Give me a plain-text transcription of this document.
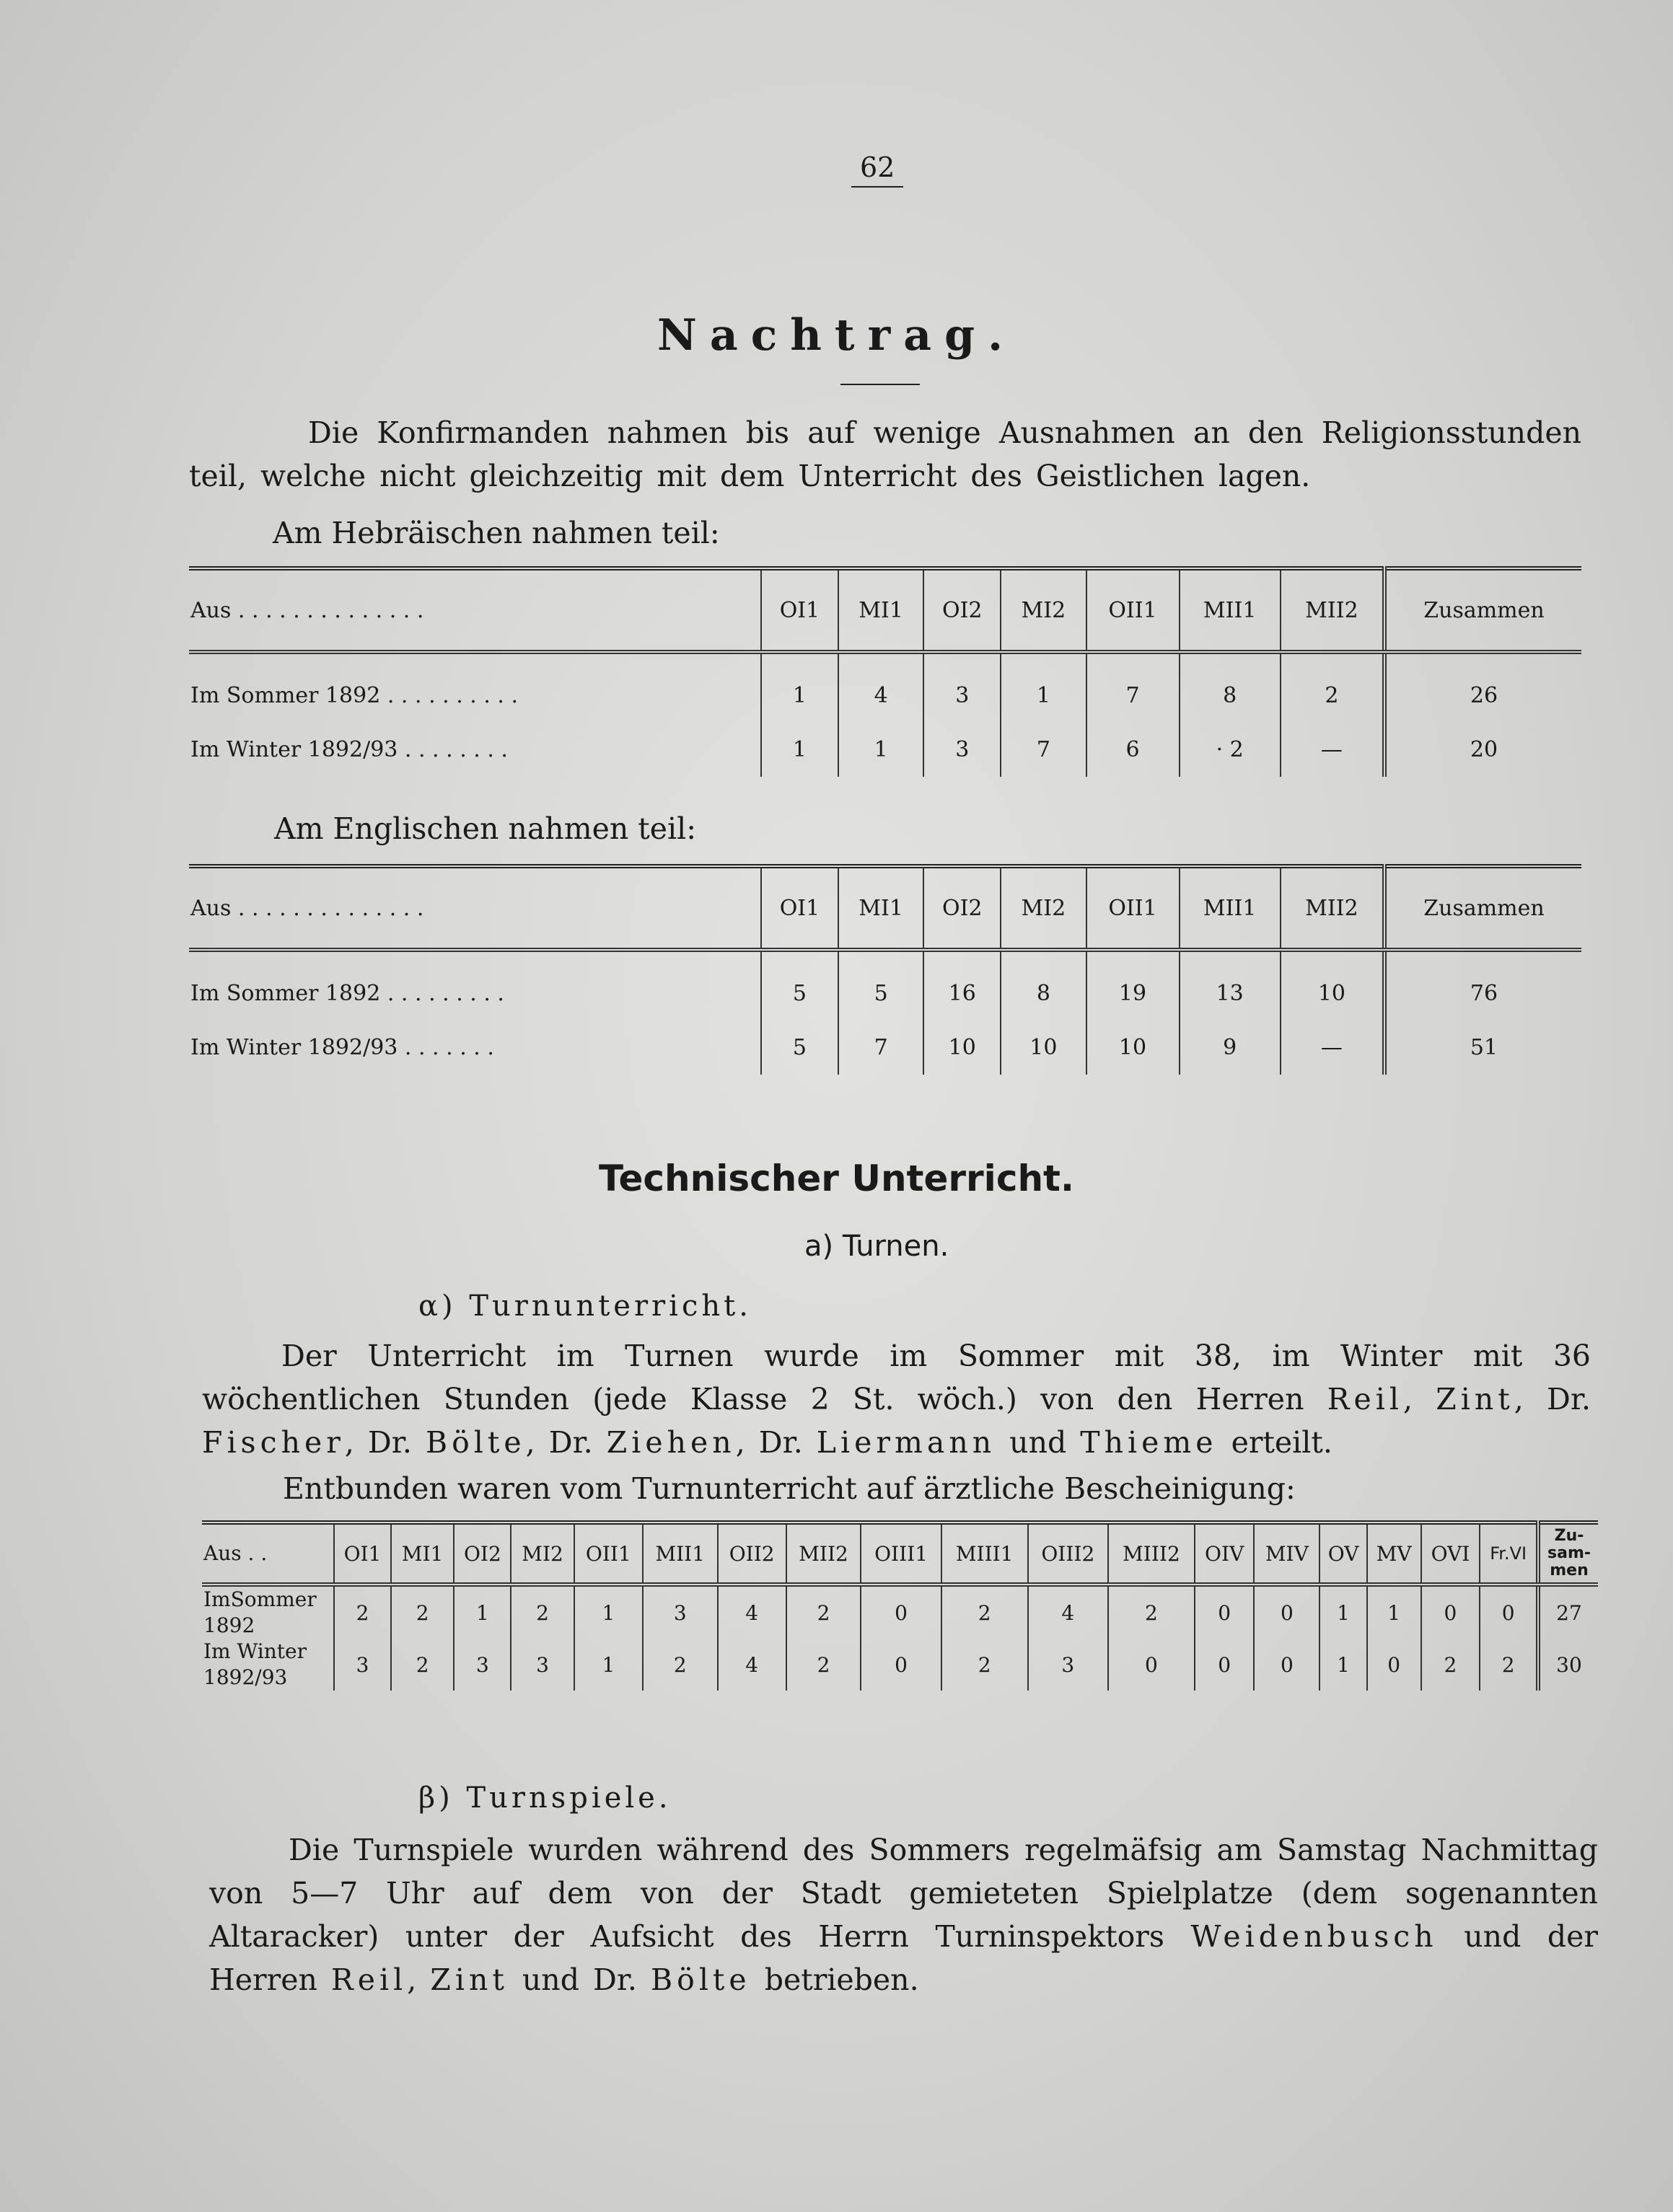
62
Nachtrag.
Die Konfirmanden nahmen bis auf wenige Ausnahmen an den Religionsstunden teil, welche nicht gleichzeitig mit dem Unterricht des Geistlichen lagen.
Am Hebräischen nahmen teil:
Aus . . . . . . . . . . . . . .	OI1	MI1	OI2	MI2	OII1	MII1	MII2	Zusammen
Im Sommer 1892 . . . . . . . . . .	1	4	3	1	7	8	2	26
Im Winter 1892/93 . . . . . . . .	1	1	3	7	6	· 2	—	20
Am Englischen nahmen teil:
Aus . . . . . . . . . . . . . .	OI1	MI1	OI2	MI2	OII1	MII1	MII2	Zusammen
Im Sommer 1892 . . . . . . . . .	5	5	16	8	19	13	10	76
Im Winter 1892/93 . . . . . . .	5	7	10	10	10	9	—	51
Technischer Unterricht.
a) Turnen.
α) Turnunterricht.
Der Unterricht im Turnen wurde im Sommer mit 38, im Winter mit 36 wöchentlichen Stunden (jede Klasse 2 St. wöch.) von den Herren Reil, Zint, Dr. Fischer, Dr. Bölte, Dr. Ziehen, Dr. Liermann und Thieme erteilt.
Entbunden waren vom Turnunterricht auf ärztliche Bescheinigung:
Aus . .	OI1	MI1	OI2	MI2	OII1	MII1	OII2	MII2	OIII1	MIII1	OIII2	MIII2	OIV	MIV	OV	MV	OVI	Fr.VI	Zu-sam-men
ImSommer
1892	2	2	1	2	1	3	4	2	0	2	4	2	0	0	1	1	0	0	27
Im Winter
1892/93	3	2	3	3	1	2	4	2	0	2	3	0	0	0	1	0	2	2	30
β) Turnspiele.
Die Turnspiele wurden während des Sommers regelmäfsig am Samstag Nachmittag von 5—7 Uhr auf dem von der Stadt gemieteten Spielplatze (dem sogenannten Altaracker) unter der Aufsicht des Herrn Turninspektors Weidenbusch und der Herren Reil, Zint und Dr. Bölte betrieben.
